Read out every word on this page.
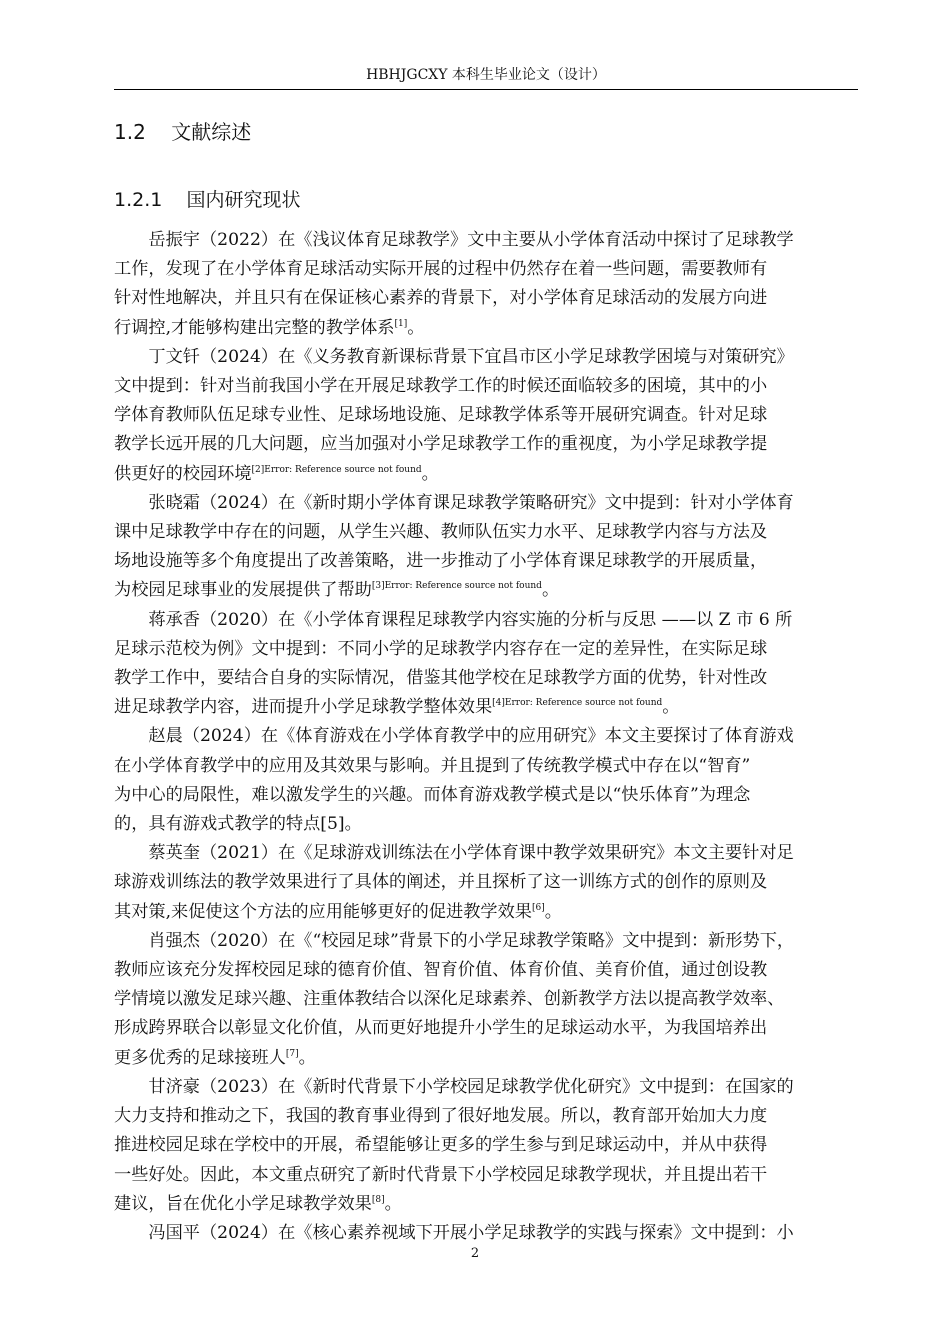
HBHJGCXY 本科生毕业论文（设计）
1.2    文献综述
1.2.1    国内研究现状

岳振宇（2022）在《浅议体育足球教学》文中主要从小学体育活动中探讨了足球教学
工作，发现了在小学体育足球活动实际开展的过程中仍然存在着一些问题，需要教师有
针对性地解决，并且只有在保证核心素养的背景下，对小学体育足球活动的发展方向进
行调控,才能够构建出完整的教学体系[1]。

丁文钎（2024）在《义务教育新课标背景下宜昌市区小学足球教学困境与对策研究》
文中提到：针对当前我国小学在开展足球教学工作的时候还面临较多的困境，其中的小
学体育教师队伍足球专业性、足球场地设施、足球教学体系等开展研究调查。针对足球
教学长远开展的几大问题，应当加强对小学足球教学工作的重视度，为小学足球教学提
供更好的校园环境$^{[2]Error: Reference source not found}$。

张晓霜（2024）在《新时期小学体育课足球教学策略研究》文中提到：针对小学体育
课中足球教学中存在的问题，从学生兴趣、教师队伍实力水平、足球教学内容与方法及
场地设施等多个角度提出了改善策略，进一步推动了小学体育课足球教学的开展质量，
为校园足球事业的发展提供了帮助$^{[3]Error: Reference source not found}$。

蒋承香（2020）在《小学体育课程足球教学内容实施的分析与反思 ——以 Z 市 6 所
足球示范校为例》文中提到：不同小学的足球教学内容存在一定的差异性，在实际足球
教学工作中，要结合自身的实际情况，借鉴其他学校在足球教学方面的优势，针对性改
进足球教学内容，进而提升小学足球教学整体效果$^{[4]Error: Reference source not found}$。

赵晨（2024）在《体育游戏在小学体育教学中的应用研究》本文主要探讨了体育游戏
在小学体育教学中的应用及其效果与影响。并且提到了传统教学模式中存在以“智育”
为中心的局限性，难以激发学生的兴趣。而体育游戏教学模式是以“快乐体育”为理念
的，具有游戏式教学的特点[5]。

蔡英奎（2021）在《足球游戏训练法在小学体育课中教学效果研究》本文主要针对足
球游戏训练法的教学效果进行了具体的阐述，并且探析了这一训练方式的创作的原则及
其对策,来促使这个方法的应用能够更好的促进教学效果[6]。

肖强杰（2020）在《“校园足球”背景下的小学足球教学策略》文中提到：新形势下，
教师应该充分发挥校园足球的德育价值、智育价值、体育价值、美育价值，通过创设教
学情境以激发足球兴趣、注重体教结合以深化足球素养、创新教学方法以提高教学效率、
形成跨界联合以彰显文化价值，从而更好地提升小学生的足球运动水平，为我国培养出
更多优秀的足球接班人[7]。

甘济豪（2023）在《新时代背景下小学校园足球教学优化研究》文中提到：在国家的
大力支持和推动之下，我国的教育事业得到了很好地发展。所以，教育部开始加大力度
推进校园足球在学校中的开展，希望能够让更多的学生参与到足球运动中，并从中获得
一些好处。因此，本文重点研究了新时代背景下小学校园足球教学现状，并且提出若干
建议，旨在优化小学足球教学效果[8]。

冯国平（2024）在《核心素养视域下开展小学足球教学的实践与探索》文中提到：小

2
